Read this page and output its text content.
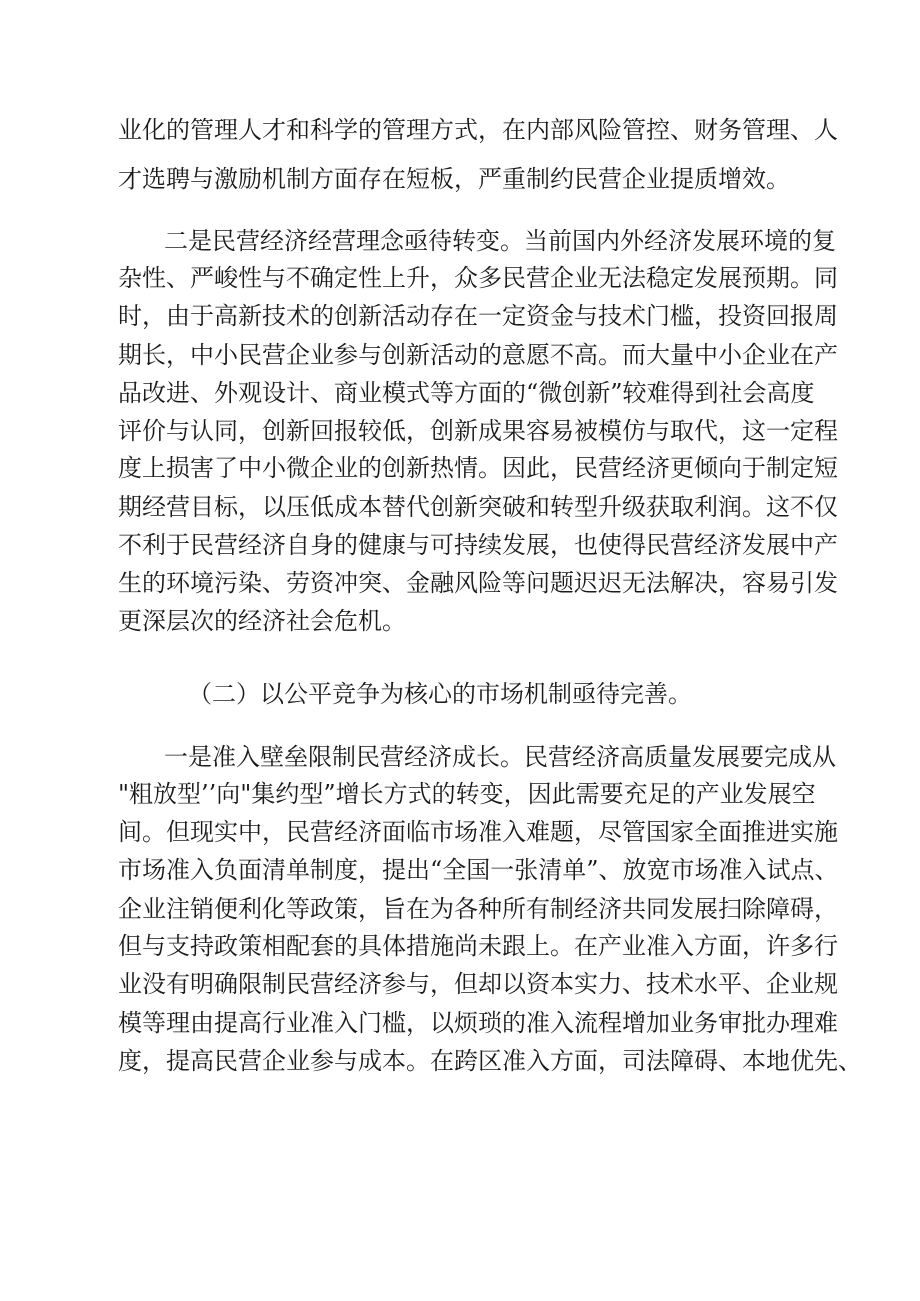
业化的管理人才和科学的管理方式，在内部风险管控、财务管理、人
才选聘与激励机制方面存在短板，严重制约民营企业提质增效。
二是民营经济经营理念亟待转变。当前国内外经济发展环境的复
杂性、严峻性与不确定性上升，众多民营企业无法稳定发展预期。同
时，由于高新技术的创新活动存在一定资金与技术门槛，投资回报周
期长，中小民营企业参与创新活动的意愿不高。而大量中小企业在产
品改进、外观设计、商业模式等方面的“微创新”较难得到社会高度
评价与认同，创新回报较低，创新成果容易被模仿与取代，这一定程
度上损害了中小微企业的创新热情。因此，民营经济更倾向于制定短
期经营目标，以压低成本替代创新突破和转型升级获取利润。这不仅
不利于民营经济自身的健康与可持续发展，也使得民营经济发展中产
生的环境污染、劳资冲突、金融风险等问题迟迟无法解决，容易引发
更深层次的经济社会危机。
（二）以公平竞争为核心的市场机制亟待完善。
一是准入壁垒限制民营经济成长。民营经济高质量发展要完成从
"粗放型’’向"集约型”增长方式的转变，因此需要充足的产业发展空
间。但现实中，民营经济面临市场准入难题，尽管国家全面推进实施
市场准入负面清单制度，提出“全国一张清单”、放宽市场准入试点、
企业注销便利化等政策，旨在为各种所有制经济共同发展扫除障碍，
但与支持政策相配套的具体措施尚未跟上。在产业准入方面，许多行
业没有明确限制民营经济参与，但却以资本实力、技术水平、企业规
模等理由提高行业准入门槛，以烦琐的准入流程增加业务审批办理难
度，提高民营企业参与成本。在跨区准入方面，司法障碍、本地优先、
